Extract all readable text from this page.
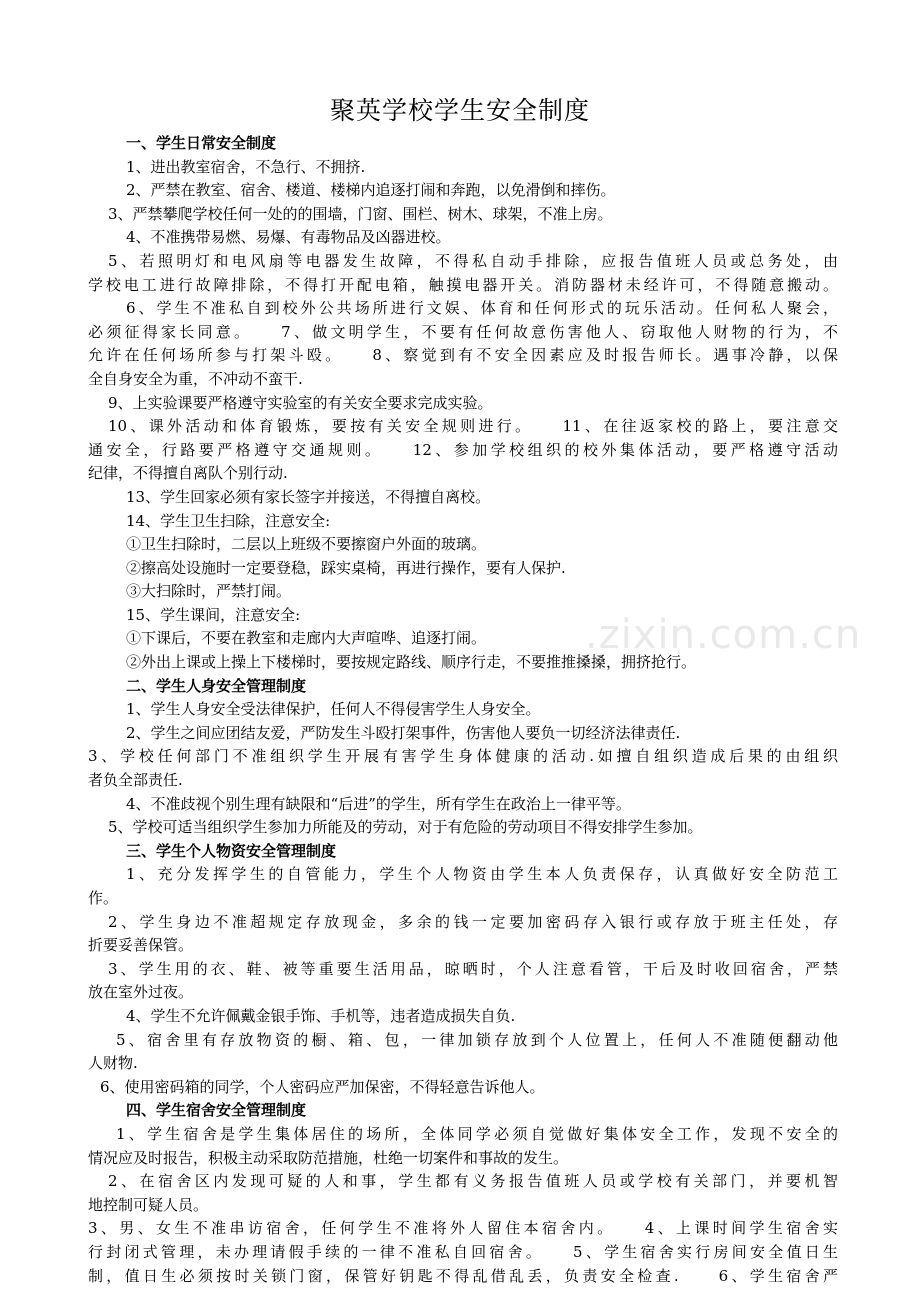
聚英学校学生安全制度
一、学生日常安全制度
1、进出教室宿舍，不急行、不拥挤.
2、严禁在教室、宿舍、楼道、楼梯内追逐打闹和奔跑，以免滑倒和摔伤。
3、严禁攀爬学校任何一处的的围墙，门窗、围栏、树木、球架，不准上房。
4、不准携带易燃、易爆、有毒物品及凶器进校。
5、若照明灯和电风扇等电器发生故障，不得私自动手排除，应报告值班人员或总务处，由
学校电工进行故障排除，不得打开配电箱，触摸电器开关。消防器材未经许可，不得随意搬动。
6、学生不准私自到校外公共场所进行文娱、体育和任何形式的玩乐活动。任何私人聚会，
必须征得家长同意。　　7、做文明学生，不要有任何故意伤害他人、窃取他人财物的行为，不
允许在任何场所参与打架斗殴。　　8、察觉到有不安全因素应及时报告师长。遇事冷静，以保
全自身安全为重，不冲动不蛮干.
9、上实验课要严格遵守实验室的有关安全要求完成实验。
10、课外活动和体育锻炼，要按有关安全规则进行。　　11、在往返家校的路上，要注意交
通安全，行路要严格遵守交通规则。　　12、参加学校组织的校外集体活动，要严格遵守活动
纪律，不得擅自离队个别行动.
13、学生回家必须有家长签字并接送，不得擅自离校。
14、学生卫生扫除，注意安全:
①卫生扫除时，二层以上班级不要擦窗户外面的玻璃。
②擦高处设施时一定要登稳，踩实桌椅，再进行操作，要有人保护.
③大扫除时，严禁打闹。
15、学生课间，注意安全:
①下课后，不要在教室和走廊内大声喧哗、追逐打闹。
②外出上课或上操上下楼梯时，要按规定路线、顺序行走，不要推推搡搡，拥挤抢行。
二、学生人身安全管理制度
1、学生人身安全受法律保护，任何人不得侵害学生人身安全。
2、学生之间应团结友爱，严防发生斗殴打架事件，伤害他人要负一切经济法律责任.
3、学校任何部门不准组织学生开展有害学生身体健康的活动.如擅自组织造成后果的由组织
者负全部责任.
4、不准歧视个别生理有缺限和“后进”的学生，所有学生在政治上一律平等。
5、学校可适当组织学生参加力所能及的劳动，对于有危险的劳动项目不得安排学生参加。
三、学生个人物资安全管理制度
1、充分发挥学生的自管能力，学生个人物资由学生本人负责保存，认真做好安全防范工
作。
2、学生身边不准超规定存放现金，多余的钱一定要加密码存入银行或存放于班主任处，存
折要妥善保管。
3、学生用的衣、鞋、被等重要生活用品，晾晒时，个人注意看管，干后及时收回宿舍，严禁
放在室外过夜。
4、学生不允许佩戴金银手饰、手机等，违者造成损失自负.
5、宿舍里有存放物资的橱、箱、包，一律加锁存放到个人位置上，任何人不准随便翻动他
人财物.
6、使用密码箱的同学，个人密码应严加保密，不得轻意告诉他人。
四、学生宿舍安全管理制度
1、学生宿舍是学生集体居住的场所，全体同学必须自觉做好集体安全工作，发现不安全的
情况应及时报告，积极主动采取防范措施，杜绝一切案件和事故的发生。
2、在宿舍区内发现可疑的人和事，学生都有义务报告值班人员或学校有关部门，并要机智
地控制可疑人员。
3、男、女生不准串访宿舍，任何学生不准将外人留住本宿舍内。　　4、上课时间学生宿舍实
行封闭式管理，未办理请假手续的一律不准私自回宿舍。　　5、学生宿舍实行房间安全值日生
制，值日生必须按时关锁门窗，保管好钥匙不得乱借乱丢，负责安全检查.　　6、学生宿舍严
.zixin.com.cn
